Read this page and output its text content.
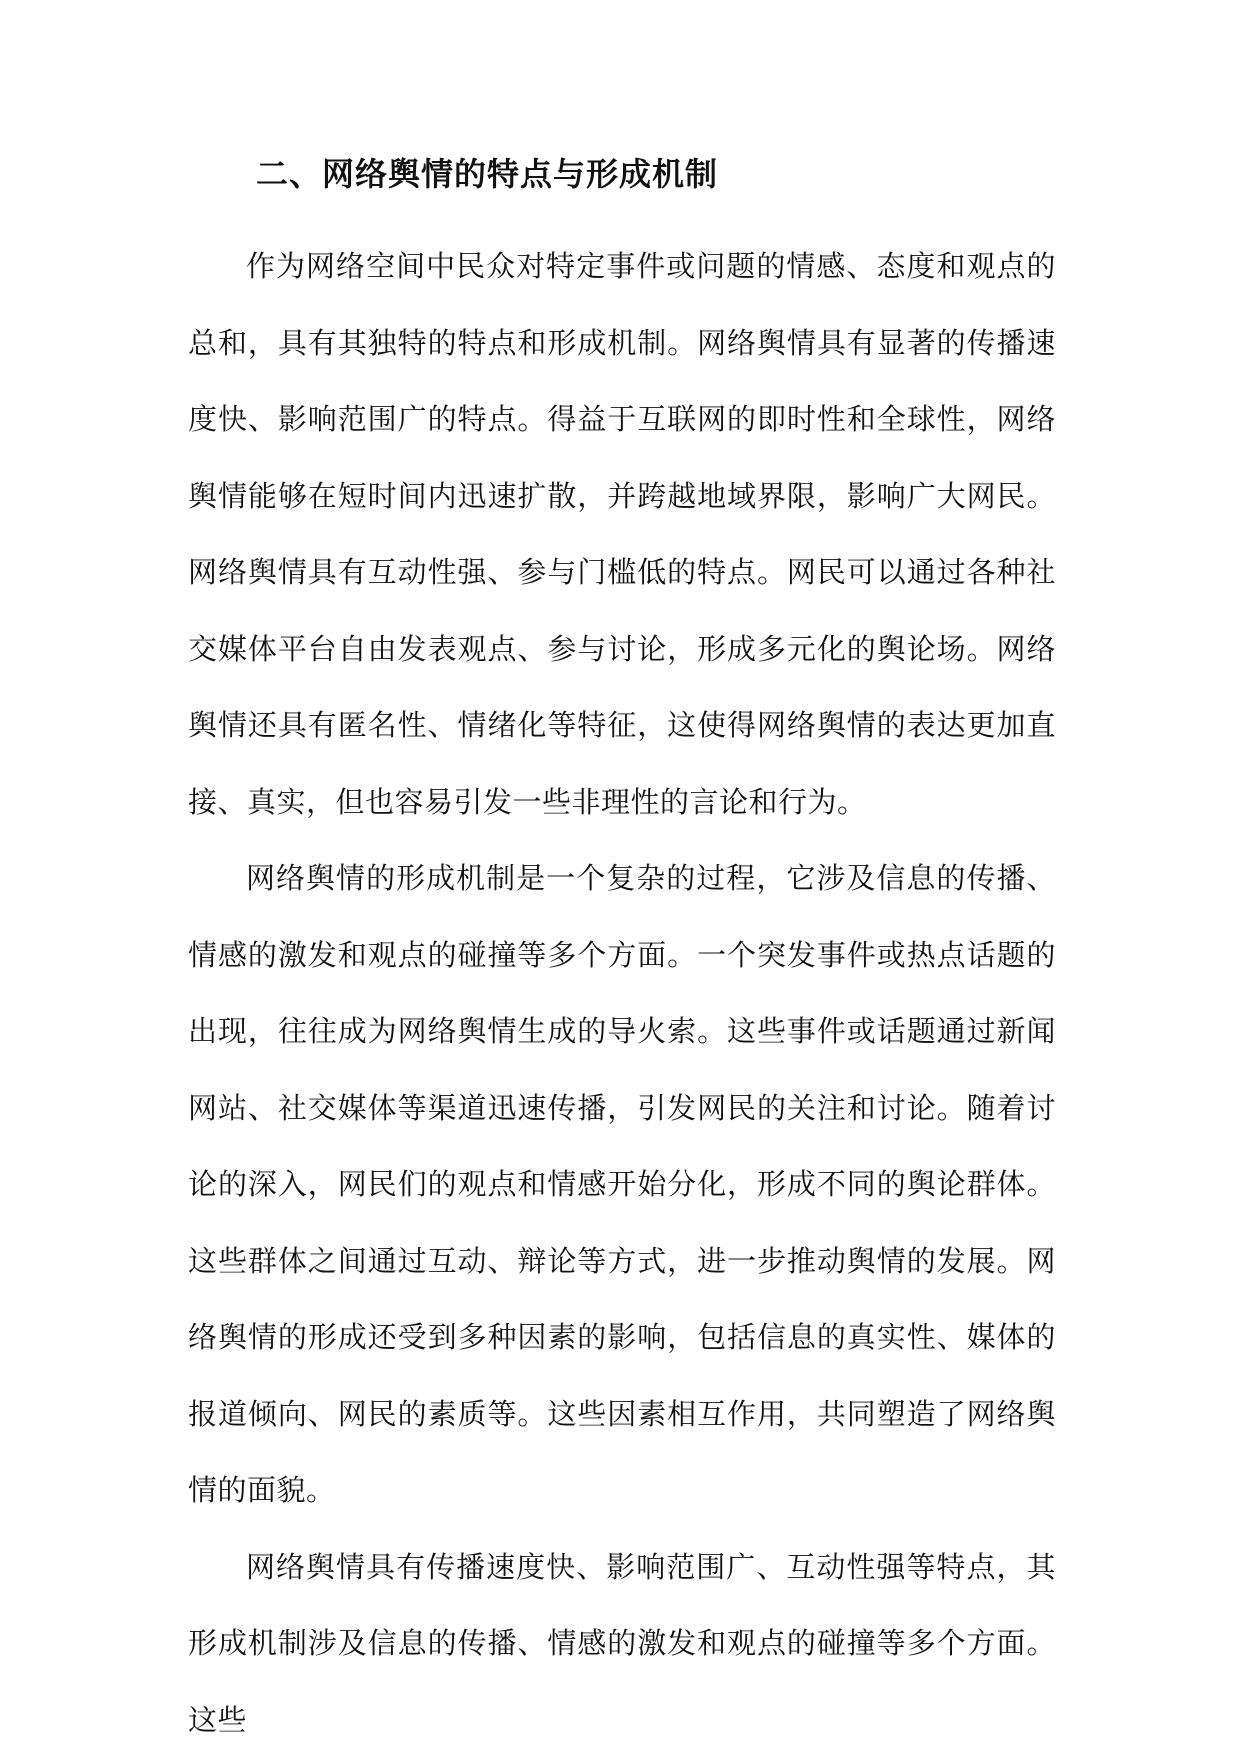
二、网络舆情的特点与形成机制

作为网络空间中民众对特定事件或问题的情感、态度和观点的总和，具有其独特的特点和形成机制。网络舆情具有显著的传播速度快、影响范围广的特点。得益于互联网的即时性和全球性，网络舆情能够在短时间内迅速扩散，并跨越地域界限，影响广大网民。网络舆情具有互动性强、参与门槛低的特点。网民可以通过各种社交媒体平台自由发表观点、参与讨论，形成多元化的舆论场。网络舆情还具有匿名性、情绪化等特征，这使得网络舆情的表达更加直接、真实，但也容易引发一些非理性的言论和行为。

网络舆情的形成机制是一个复杂的过程，它涉及信息的传播、情感的激发和观点的碰撞等多个方面。一个突发事件或热点话题的出现，往往成为网络舆情生成的导火索。这些事件或话题通过新闻网站、社交媒体等渠道迅速传播，引发网民的关注和讨论。随着讨论的深入，网民们的观点和情感开始分化，形成不同的舆论群体。这些群体之间通过互动、辩论等方式，进一步推动舆情的发展。网络舆情的形成还受到多种因素的影响，包括信息的真实性、媒体的报道倾向、网民的素质等。这些因素相互作用，共同塑造了网络舆情的面貌。

网络舆情具有传播速度快、影响范围广、互动性强等特点，其形成机制涉及信息的传播、情感的激发和观点的碰撞等多个方面。这些
